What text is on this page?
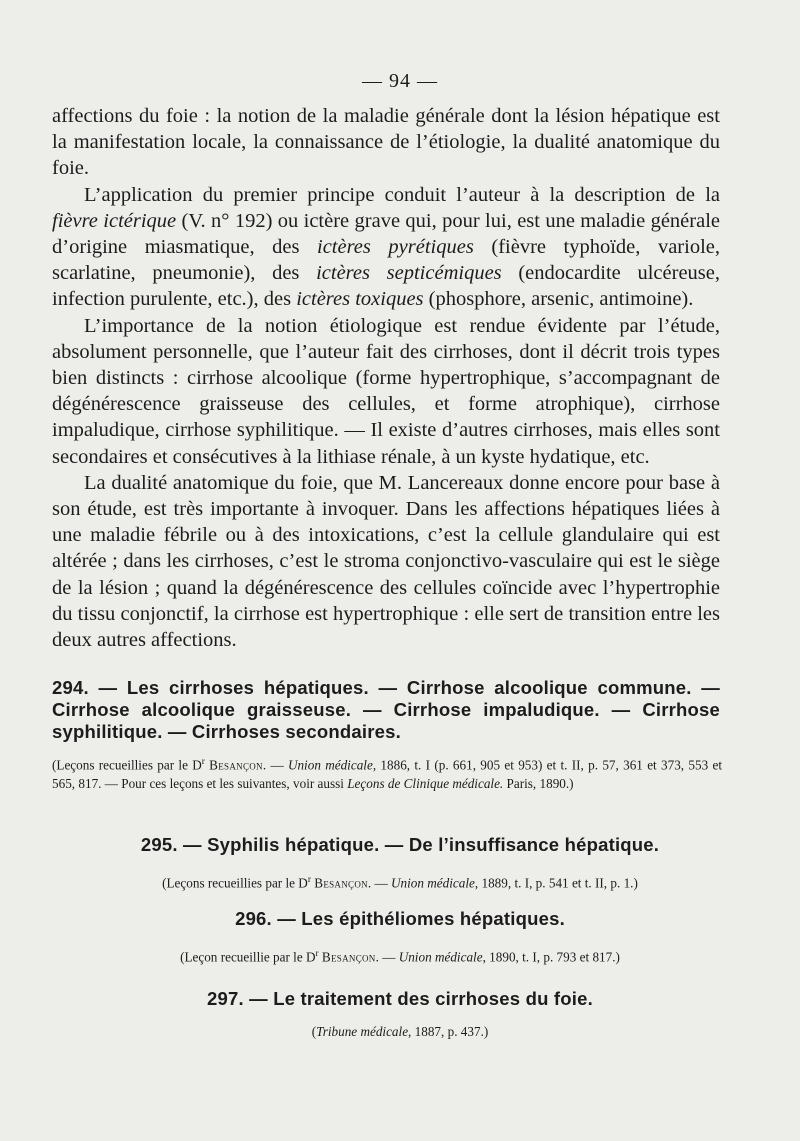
— 94 —

affections du foie : la notion de la maladie générale dont la lésion hépatique est la manifestation locale, la connaissance de l’étiologie, la dualité anatomique du foie.

L’application du premier principe conduit l’auteur à la description de la fièvre ictérique (V. n° 192) ou ictère grave qui, pour lui, est une maladie générale d’origine miasmatique, des ictères pyrétiques (fièvre typhoïde, variole, scarlatine, pneumonie), des ictères septicémiques (endocardite ulcéreuse, infection purulente, etc.), des ictères toxiques (phosphore, arsenic, antimoine).

L’importance de la notion étiologique est rendue évidente par l’étude, absolument personnelle, que l’auteur fait des cirrhoses, dont il décrit trois types bien distincts : cirrhose alcoolique (forme hypertrophique, s’accompagnant de dégénérescence graisseuse des cellules, et forme atrophique), cirrhose impaludique, cirrhose syphilitique. — Il existe d’autres cirrhoses, mais elles sont secondaires et consécutives à la lithiase rénale, à un kyste hydatique, etc.

La dualité anatomique du foie, que M. Lancereaux donne encore pour base à son étude, est très importante à invoquer. Dans les affections hépatiques liées à une maladie fébrile ou à des intoxications, c’est la cellule glandulaire qui est altérée ; dans les cirrhoses, c’est le stroma conjonctivo-vasculaire qui est le siège de la lésion ; quand la dégénérescence des cellules coïncide avec l’hypertrophie du tissu conjonctif, la cirrhose est hypertrophique : elle sert de transition entre les deux autres affections.

294. — Les cirrhoses hépatiques. — Cirrhose alcoolique commune. — Cirrhose alcoolique graisseuse. — Cirrhose impaludique. — Cirrhose syphilitique. — Cirrhoses secondaires.
(Leçons recueillies par le $D^r$ Besançon. — Union médicale, 1886, t. I (p. 661, 905 et 953) et t. II, p. 57, 361 et 373, 553 et 565, 817. — Pour ces leçons et les suivantes, voir aussi Leçons de Clinique médicale. Paris, 1890.)
295. — Syphilis hépatique. — De l’insuffisance hépatique.
(Leçons recueillies par le $D^r$ Besançon. — Union médicale, 1889, t. I, p. 541 et t. II, p. 1.)
296. — Les épithéliomes hépatiques.
(Leçon recueillie par le $D^r$ Besançon. — Union médicale, 1890, t. I, p. 793 et 817.)
297. — Le traitement des cirrhoses du foie.
(Tribune médicale, 1887, p. 437.)
